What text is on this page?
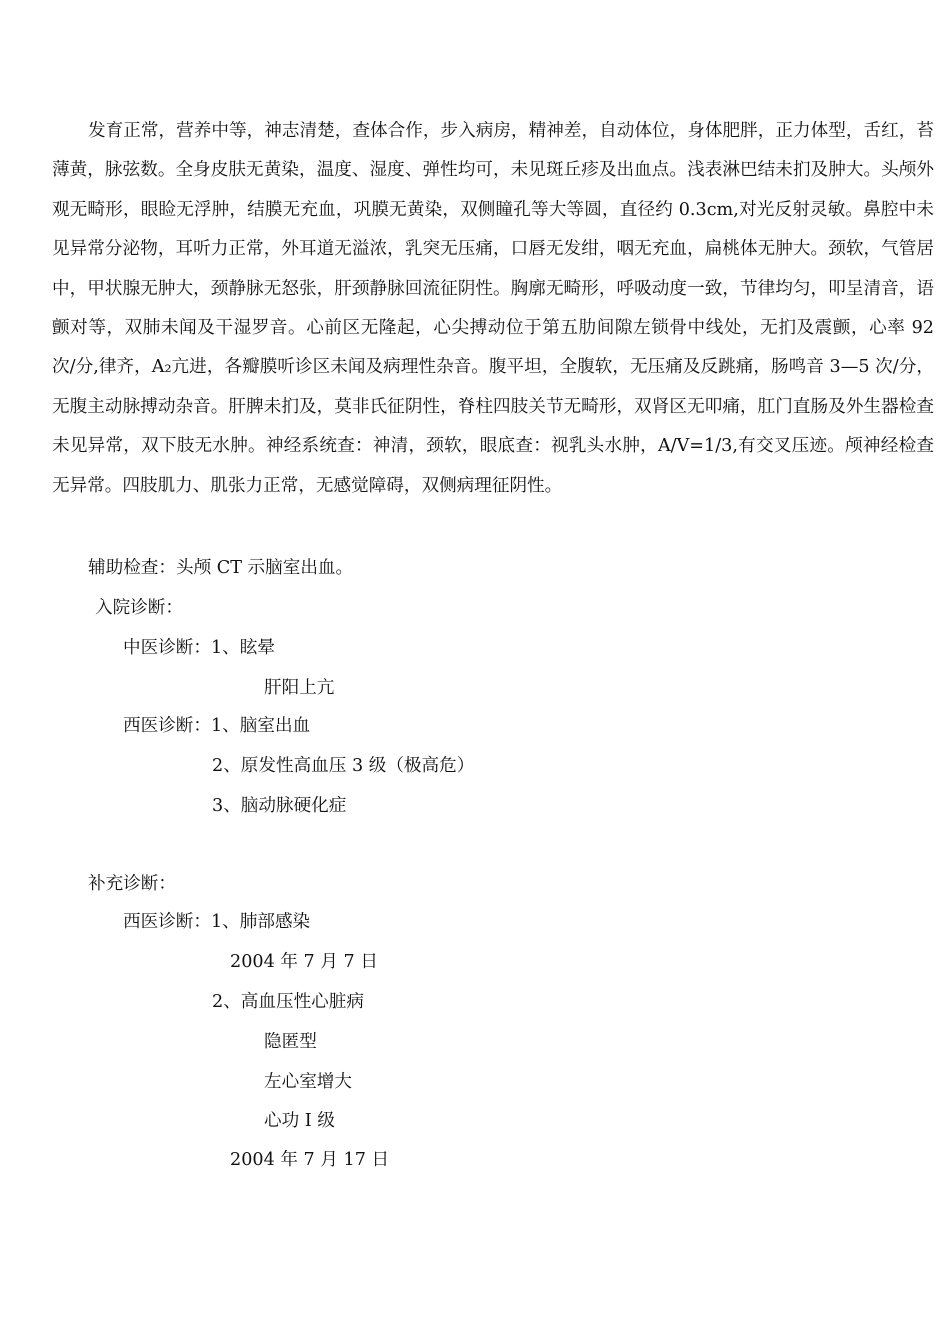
发育正常，营养中等，神志清楚，查体合作，步入病房，精神差，自动体位，身体肥胖，正力体型，舌红，苔薄黄，脉弦数。全身皮肤无黄染，温度、湿度、弹性均可，未见斑丘疹及出血点。浅表淋巴结未扪及肿大。头颅外观无畸形，眼睑无浮肿，结膜无充血，巩膜无黄染，双侧瞳孔等大等圆，直径约 0.3cm,对光反射灵敏。鼻腔中未见异常分泌物，耳听力正常，外耳道无溢浓，乳突无压痛，口唇无发绀，咽无充血，扁桃体无肿大。颈软，气管居中，甲状腺无肿大，颈静脉无怒张，肝颈静脉回流征阴性。胸廓无畸形，呼吸动度一致，节律均匀，叩呈清音，语颤对等，双肺未闻及干湿罗音。心前区无隆起，心尖搏动位于第五肋间隙左锁骨中线处，无扪及震颤，心率 92 次/分,律齐，A₂亢进，各瓣膜听诊区未闻及病理性杂音。腹平坦，全腹软，无压痛及反跳痛，肠鸣音 3—5 次/分，无腹主动脉搏动杂音。肝脾未扪及，莫非氏征阴性，脊柱四肢关节无畸形，双肾区无叩痛，肛门直肠及外生器检查未见异常，双下肢无水肿。神经系统查：神清，颈软，眼底查：视乳头水肿，A/V=1/3,有交叉压迹。颅神经检查无异常。四肢肌力、肌张力正常，无感觉障碍，双侧病理征阴性。
辅助检查：头颅 CT 示脑室出血。
入院诊断：
中医诊断：1、眩晕
肝阳上亢
西医诊断：1、脑室出血
2、原发性高血压 3 级（极高危）
3、脑动脉硬化症
补充诊断：
西医诊断：1、肺部感染
2004 年 7 月 7 日
2、高血压性心脏病
隐匿型
左心室增大
心功 I 级
2004 年 7 月 17 日
